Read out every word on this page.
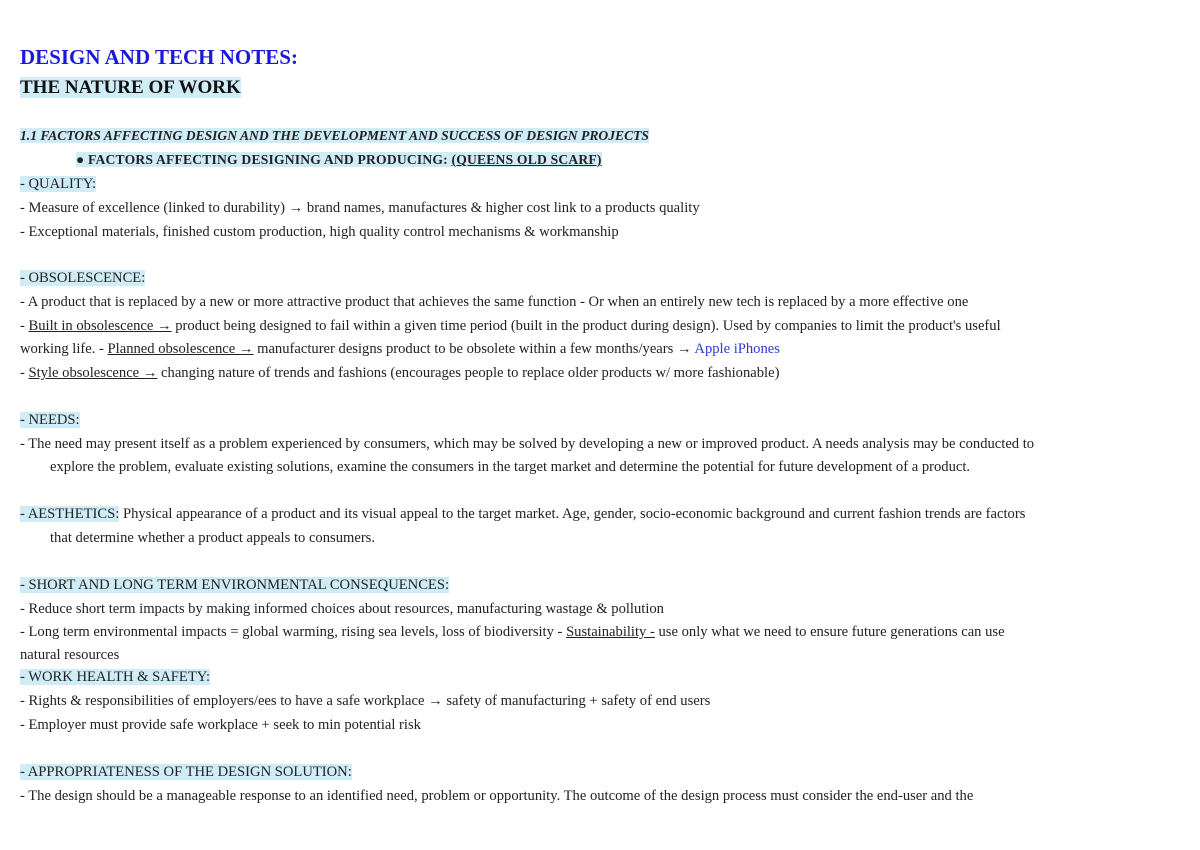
DESIGN AND TECH NOTES:
THE NATURE OF WORK
1.1 FACTORS AFFECTING DESIGN AND THE DEVELOPMENT AND SUCCESS OF DESIGN PROJECTS
● FACTORS AFFECTING DESIGNING AND PRODUCING: (QUEENS OLD SCARF)
- QUALITY:
- Measure of excellence (linked to durability) → brand names, manufactures & higher cost link to a products quality
- Exceptional materials, finished custom production, high quality control mechanisms & workmanship
- OBSOLESCENCE:
- A product that is replaced by a new or more attractive product that achieves the same function - Or when an entirely new tech is replaced by a more effective one
- Built in obsolescence → product being designed to fail within a given time period (built in the product during design). Used by companies to limit the product's useful
working life. - Planned obsolescence → manufacturer designs product to be obsolete within a few months/years → Apple iPhones
- Style obsolescence → changing nature of trends and fashions (encourages people to replace older products w/ more fashionable)
- NEEDS:
- The need may present itself as a problem experienced by consumers, which may be solved by developing a new or improved product. A needs analysis may be conducted to
explore the problem, evaluate existing solutions, examine the consumers in the target market and determine the potential for future development of a product.
- AESTHETICS: Physical appearance of a product and its visual appeal to the target market. Age, gender, socio-economic background and current fashion trends are factors
that determine whether a product appeals to consumers.
- SHORT AND LONG TERM ENVIRONMENTAL CONSEQUENCES:
- Reduce short term impacts by making informed choices about resources, manufacturing wastage & pollution
- Long term environmental impacts = global warming, rising sea levels, loss of biodiversity - Sustainability - use only what we need to ensure future generations can use
natural resources
- WORK HEALTH & SAFETY:
- Rights & responsibilities of employers/ees to have a safe workplace → safety of manufacturing + safety of end users
- Employer must provide safe workplace + seek to min potential risk
- APPROPRIATENESS OF THE DESIGN SOLUTION:
- The design should be a manageable response to an identified need, problem or opportunity. The outcome of the design process must consider the end-user and the
